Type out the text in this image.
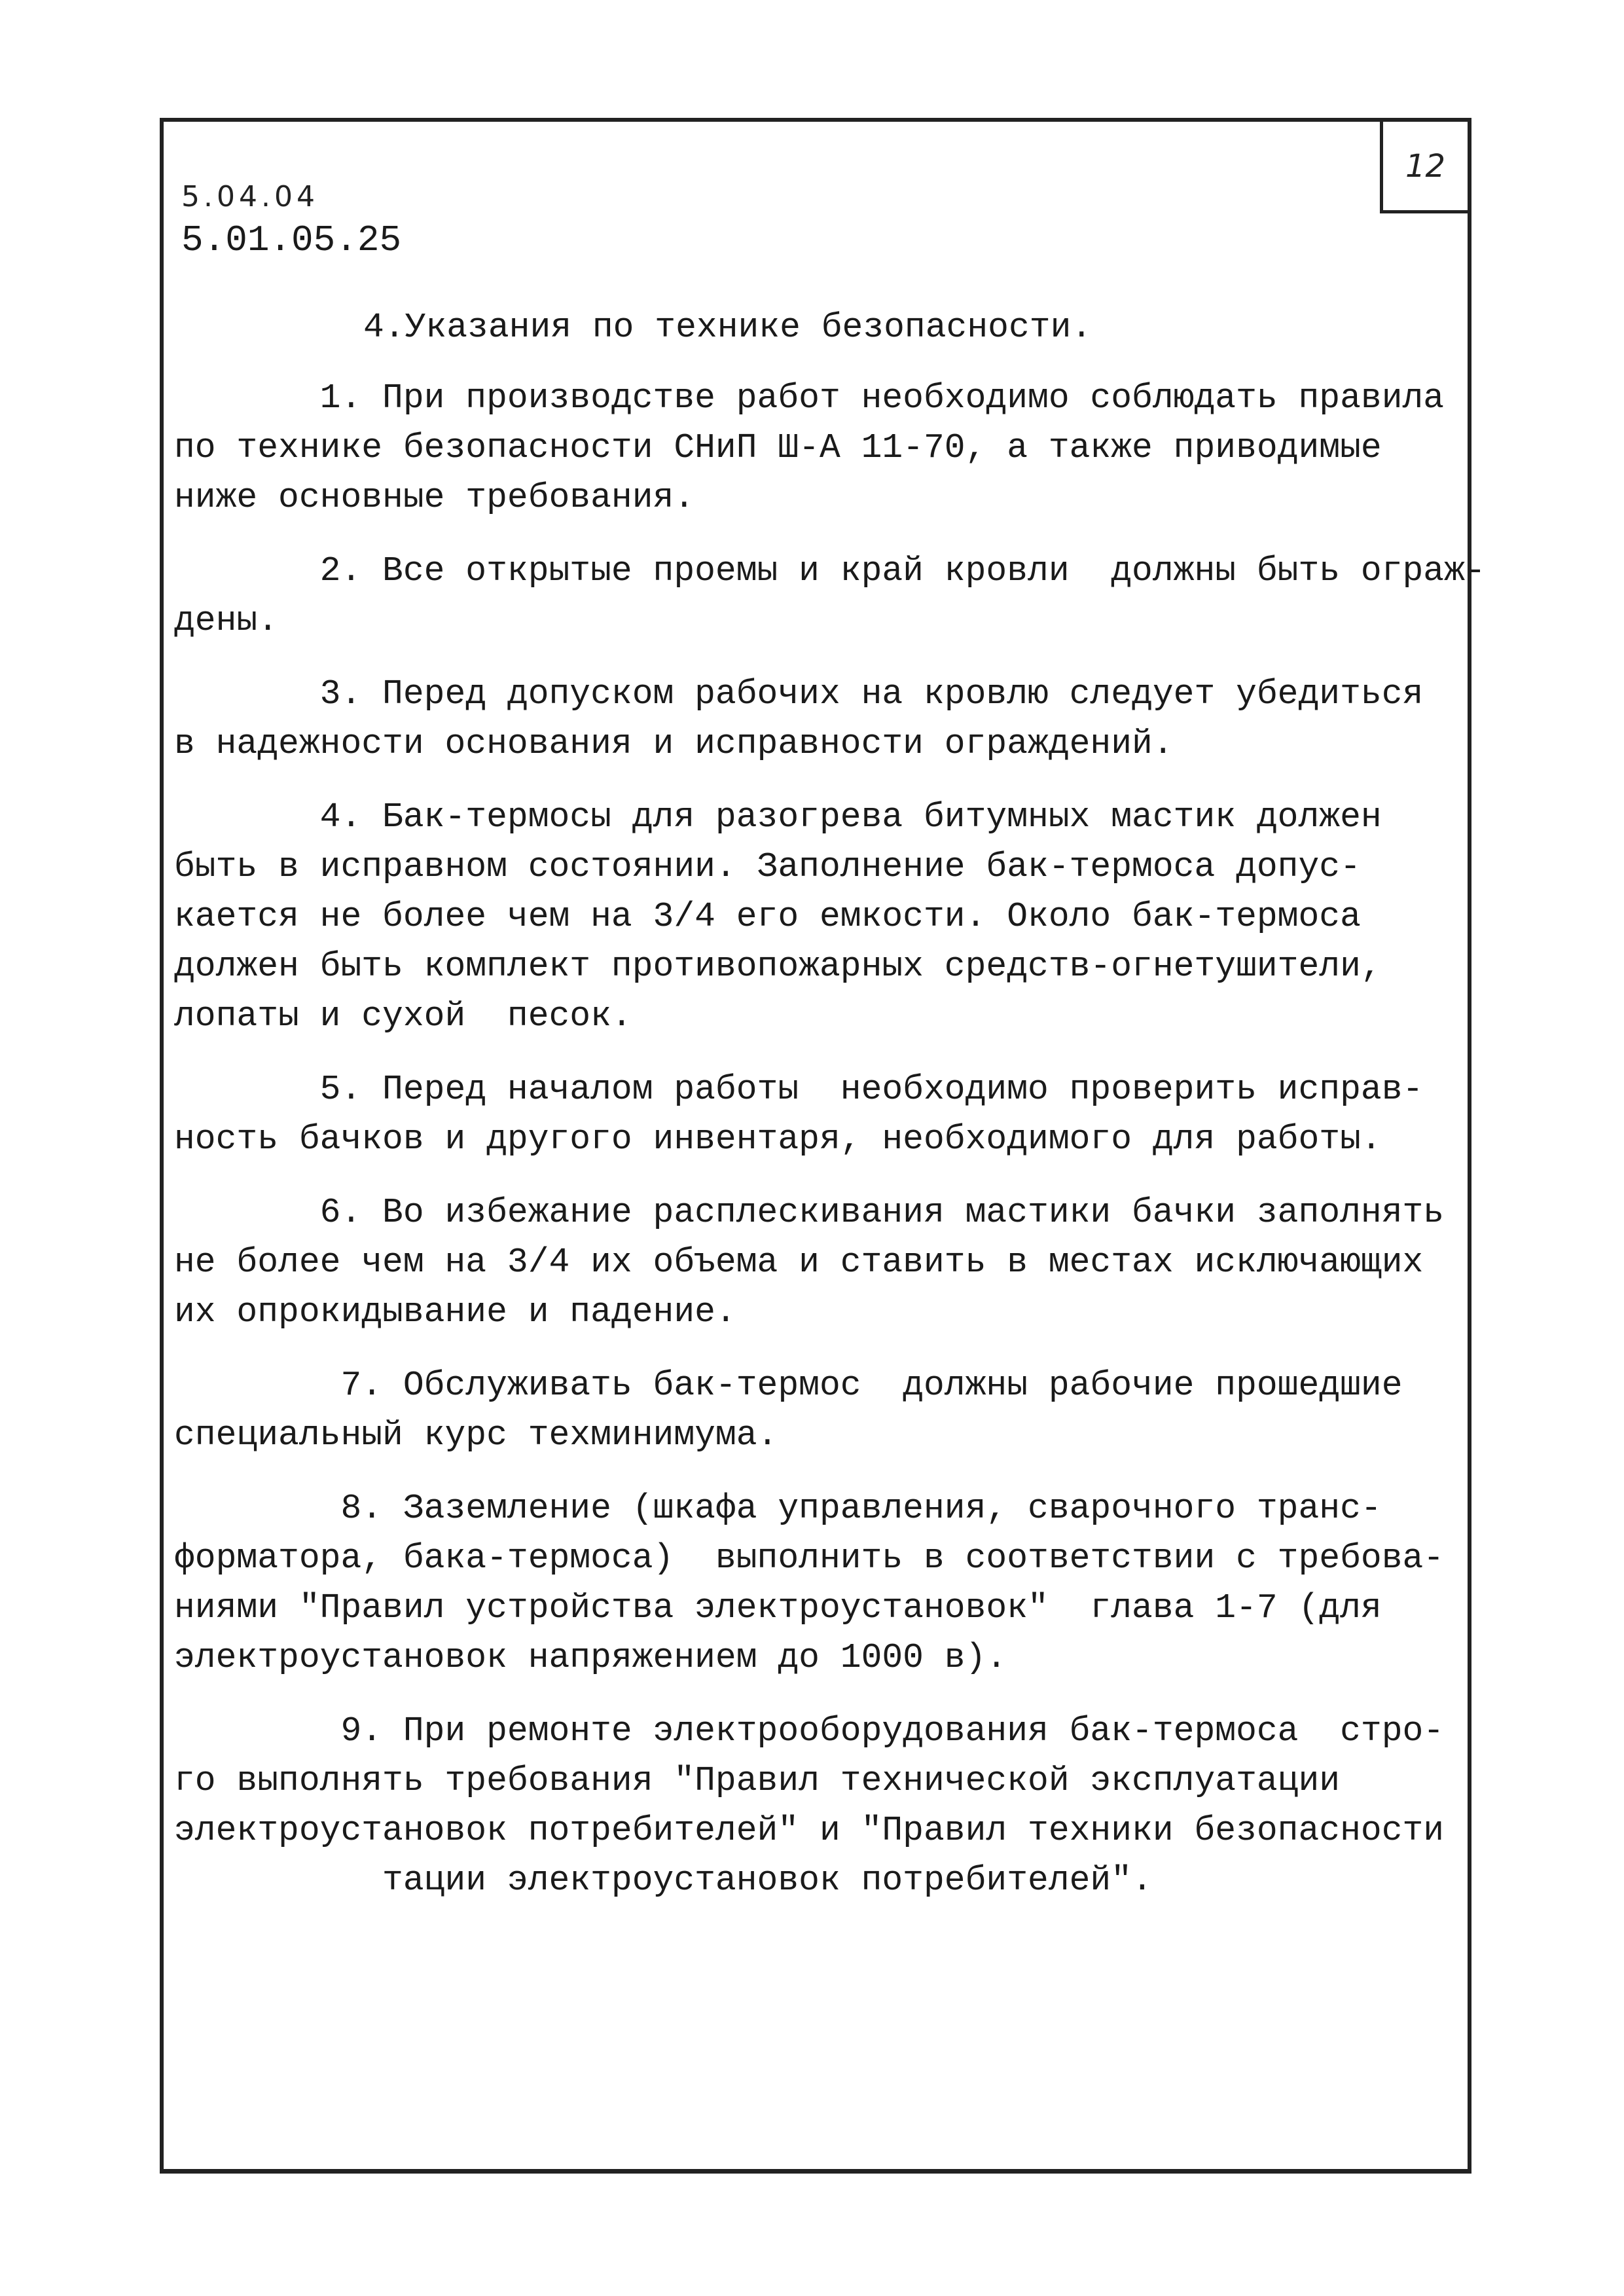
12
5.04.04
5.01.05.25
4.Указания по технике безопасности.
1. При производстве работ необходимо соблюдать правила
по технике безопасности СНиП Ш-А 11-70, а также приводимые
ниже основные требования.
2. Все открытые проемы и край кровли  должны быть ограж-
дены.
3. Перед допуском рабочих на кровлю следует убедиться
в надежности основания и исправности ограждений.
4. Бак-термосы для разогрева битумных мастик должен
быть в исправном состоянии. Заполнение бак-термоса допус-
кается не более чем на 3/4 его емкости. Около бак-термоса
должен быть комплект противопожарных средств-огнетушители,
лопаты и сухой  песок.
5. Перед началом работы  необходимо проверить исправ-
ность бачков и другого инвентаря, необходимого для работы.
6. Во избежание расплескивания мастики бачки заполнять
не более чем на 3/4 их объема и ставить в местах исключающих
их опрокидывание и падение.
7. Обслуживать бак-термос  должны рабочие прошедшие
специальный курс техминимума.
8. Заземление (шкафа управления, сварочного транс-
форматора, бака-термоса)  выполнить в соответствии с требова-
ниями "Правил устройства электроустановок"  глава 1-7 (для
электроустановок напряжением до 1000 в).
9. При ремонте электрооборудования бак-термоса  стро-
го выполнять требования "Правил технической эксплуатации
электроустановок потребителей" и "Правил техники безопасности
тации электроустановок потребителей".
